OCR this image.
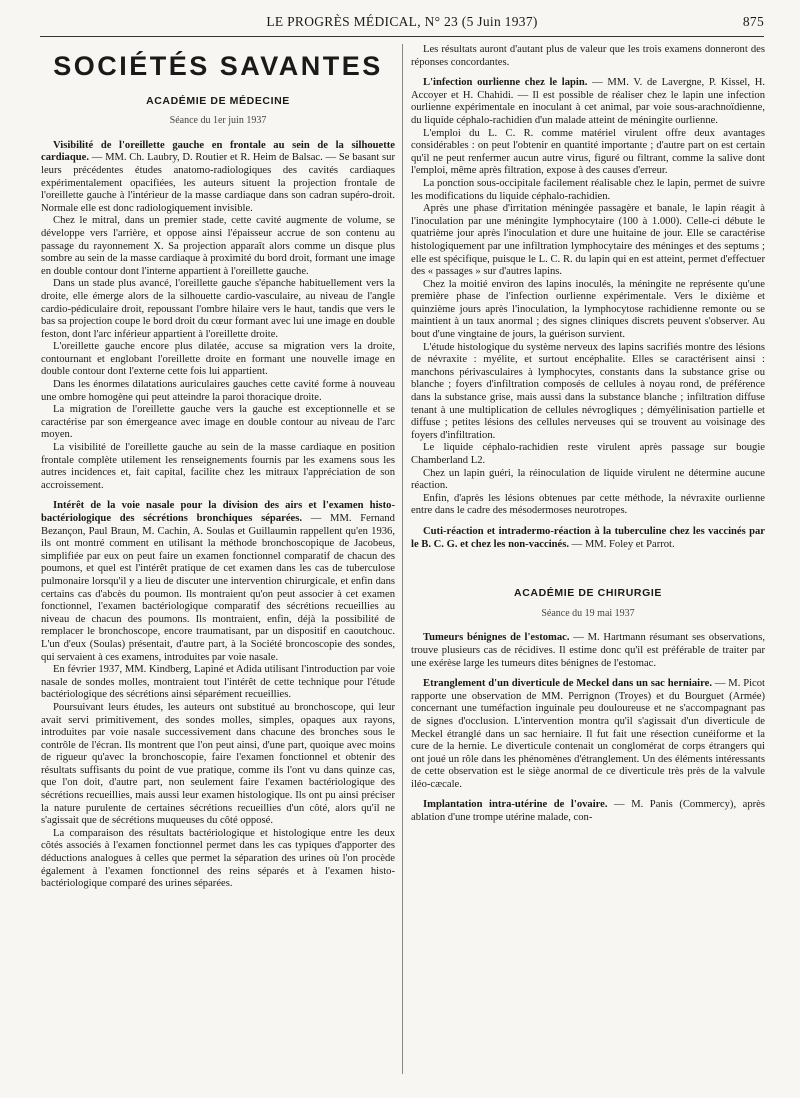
LE PROGRÈS MÉDICAL, N° 23 (5 Juin 1937)	875
SOCIÉTÉS SAVANTES
ACADÉMIE DE MÉDECINE
Séance du 1er juin 1937

Visibilité de l'oreillette gauche en frontale au sein de la silhouette cardiaque. — MM. Ch. Laubry, D. Routier et R. Heim de Balsac. — Se basant sur leurs précédentes études anatomo-radiologiques des cavités cardiaques expérimentalement opacifiées, les auteurs situent la projection frontale de l'oreillette gauche à l'intérieur de la masse cardiaque dans son cadran supéro-droit. Normale elle est donc radiologiquement invisible.

Chez le mitral, dans un premier stade, cette cavité augmente de volume, se développe vers l'arrière, et oppose ainsi l'épaisseur accrue de son contenu au passage du rayonnement X. Sa projection apparaît alors comme un disque plus sombre au sein de la masse cardiaque à proximité du bord droit, formant une image en double contour dont l'interne appartient à l'oreillette gauche.

Dans un stade plus avancé, l'oreillette gauche s'épanche habituellement vers la droite, elle émerge alors de la silhouette cardio-vasculaire, au niveau de l'angle cardio-pédiculaire droit, repoussant l'ombre hilaire vers le haut, tandis que vers le bas sa projection coupe le bord droit du cœur formant avec lui une image en double feston, dont l'arc inférieur appartient à l'oreillette droite.

L'oreillette gauche encore plus dilatée, accuse sa migration vers la droite, contournant et englobant l'oreillette droite en formant une nouvelle image en double contour dont l'externe cette fois lui appartient.

Dans les énormes dilatations auriculaires gauches cette cavité forme à nouveau une ombre homogène qui peut atteindre la paroi thoracique droite.

La migration de l'oreillette gauche vers la gauche est exceptionnelle et se caractérise par son émergeance avec image en double contour au niveau de l'arc moyen.

La visibilité de l'oreillette gauche au sein de la masse cardiaque en position frontale complète utilement les renseignements fournis par les examens sous les autres incidences et, fait capital, facilite chez les mitraux l'appréciation de son accroissement.

Intérêt de la voie nasale pour la division des airs et l'examen histo-bactériologique des sécrétions bronchiques séparées. — MM. Fernand Bezançon, Paul Braun, M. Cachin, A. Soulas et Guillaumin rappellent qu'en 1936, ils ont montré comment en utilisant la méthode bronchoscopique de Jacobeus, simplifiée par eux on peut faire un examen fonctionnel comparatif de chacun des poumons, et quel est l'intérêt pratique de cet examen dans les cas de tuberculose pulmonaire lorsqu'il y a lieu de discuter une intervention chirurgicale, et enfin dans certains cas d'abcès du poumon. Ils montraient qu'on peut associer à cet examen fonctionnel, l'examen bactériologique comparatif des sécrétions recueillies au niveau de chacun des poumons. Ils montraient, enfin, déjà la possibilité de remplacer le bronchoscope, encore traumatisant, par un dispositif en caoutchouc. L'un d'eux (Soulas) présentait, d'autre part, à la Société broncoscopie des sondes, qui servaient à ces examens, introduites par voie nasale.

En février 1937, MM. Kindberg, Lapiné et Adida utilisant l'introduction par voie nasale de sondes molles, montraient tout l'intérêt de cette technique pour l'étude bactériologique des sécrétions ainsi séparément recueillies.

Poursuivant leurs études, les auteurs ont substitué au bronchoscope, qui leur avait servi primitivement, des sondes molles, simples, opaques aux rayons, introduites par voie nasale successivement dans chacune des bronches sous le contrôle de l'écran. Ils montrent que l'on peut ainsi, d'une part, quoique avec moins de rigueur qu'avec la bronchoscopie, faire l'examen fonctionnel et obtenir des résultats suffisants du point de vue pratique, comme ils l'ont vu dans quinze cas, que l'on doit, d'autre part, non seulement faire l'examen bactériologique des sécrétions recueillies, mais aussi leur examen histologique. Ils ont pu ainsi préciser la nature purulente de certaines sécrétions recueillies d'un côté, alors qu'il ne s'agissait que de sécrétions muqueuses du côté opposé.

La comparaison des résultats bactériologique et histologique entre les deux côtés associés à l'examen fonctionnel permet dans les cas typiques d'apporter des déductions analogues à celles que permet la séparation des urines où l'on procède également à l'examen fonctionnel des reins séparés et à l'examen histo-bactériologique comparé des urines séparées.

Les résultats auront d'autant plus de valeur que les trois examens donneront des réponses concordantes.

L'infection ourlienne chez le lapin. — MM. V. de Lavergne, P. Kissel, H. Accoyer et H. Chahidi. — Il est possible de réaliser chez le lapin une infection ourlienne expérimentale en inoculant à cet animal, par voie sous-arachnoïdienne, du liquide céphalo-rachidien d'un malade atteint de méningite ourlienne.

L'emploi du L. C. R. comme matériel virulent offre deux avantages considérables : on peut l'obtenir en quantité importante ; d'autre part on est certain qu'il ne peut renfermer aucun autre virus, figuré ou filtrant, comme la salive dont l'emploi, même après filtration, expose à des causes d'erreur.

La ponction sous-occipitale facilement réalisable chez le lapin, permet de suivre les modifications du liquide céphalo-rachidien.

Après une phase d'irritation méningée passagère et banale, le lapin réagit à l'inoculation par une méningite lymphocytaire (100 à 1.000). Celle-ci débute le quatrième jour après l'inoculation et dure une huitaine de jour. Elle se caractérise histologiquement par une infiltration lymphocytaire des méninges et des septums ; elle est spécifique, puisque le L. C. R. du lapin qui en est atteint, permet d'effectuer des « passages » sur d'autres lapins.

Chez la moitié environ des lapins inoculés, la méningite ne représente qu'une première phase de l'infection ourlienne expérimentale. Vers le dixième et quinzième jours après l'inoculation, la lymphocytose rachidienne remonte ou se maintient à un taux anormal ; des signes cliniques discrets peuvent s'observer. Au bout d'une vingtaine de jours, la guérison survient.

L'étude histologique du système nerveux des lapins sacrifiés montre des lésions de névraxite : myélite, et surtout encéphalite. Elles se caractérisent ainsi : manchons périvasculaires à lymphocytes, constants dans la substance grise ou blanche ; foyers d'infiltration composés de cellules à noyau rond, de préférence dans la substance grise, mais aussi dans la substance blanche ; infiltration diffuse tenant à une multiplication de cellules névrogliques ; démyélinisation partielle et diffuse ; petites lésions des cellules nerveuses qui se trouvent au voisinage des foyers d'infiltration.

Le liquide céphalo-rachidien reste virulent après passage sur bougie Chamberland L2.

Chez un lapin guéri, la réinoculation de liquide virulent ne détermine aucune réaction.

Enfin, d'après les lésions obtenues par cette méthode, la névraxite ourlienne entre dans le cadre des mésodermoses neurotropes.

Cuti-réaction et intradermo-réaction à la tuberculine chez les vaccinés par le B. C. G. et chez les non-vaccinés. — MM. Foley et Parrot.

ACADÉMIE DE CHIRURGIE
Séance du 19 mai 1937

Tumeurs bénignes de l'estomac. — M. Hartmann résumant ses observations, trouve plusieurs cas de récidives. Il estime donc qu'il est préférable de traiter par une exérèse large les tumeurs dites bénignes de l'estomac.

Etranglement d'un diverticule de Meckel dans un sac herniaire. — M. Picot rapporte une observation de MM. Perrignon (Troyes) et du Bourguet (Armée) concernant une tuméfaction inguinale peu douloureuse et ne s'accompagnant pas de signes d'occlusion. L'intervention montra qu'il s'agissait d'un diverticule de Meckel étranglé dans un sac herniaire. Il fut fait une résection cunéiforme et la cure de la hernie. Le diverticule contenait un conglomérat de corps étrangers qui ont joué un rôle dans les phénomènes d'étranglement. Un des éléments intéressants de cette observation est le siège anormal de ce diverticule très près de la valvule iléo-cæcale.

Implantation intra-utérine de l'ovaire. — M. Panis (Commercy), après ablation d'une trompe utérine malade, con-
